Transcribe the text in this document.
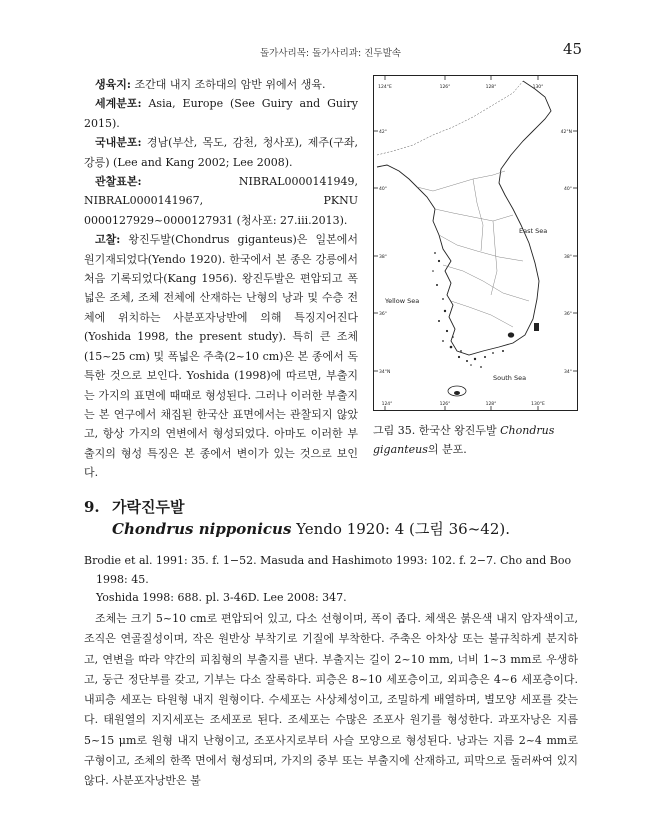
돌가사리목: 돌가사리과: 진두발속	45

생육지: 조간대 내지 조하대의 암반 위에서 생육.

세계분포: Asia, Europe (See Guiry and Guiry 2015).

국내분포: 경남(부산, 목도, 감천, 청사포), 제주(구좌, 강릉) (Lee and Kang 2002; Lee 2008).

관찰표본: NIBRAL0000141949, NIBRAL0000141967, PKNU 0000127929~0000127931 (청사포: 27.iii.2013).

고찰: 왕진두발(Chondrus giganteus)은 일본에서 원기재되었다(Yendo 1920). 한국에서 본 종은 강릉에서 처음 기록되었다(Kang 1956). 왕진두발은 편압되고 폭넓은 조체, 조체 전체에 산재하는 난형의 낭과 및 수층 전체에 위치하는 사분포자낭반에 의해 특징지어진다(Yoshida 1998, the present study). 특히 큰 조체(15~25 cm) 및 폭넓은 주축(2~10 cm)은 본 종에서 독특한 것으로 보인다. Yoshida (1998)에 따르면, 부출지는 가지의 표면에 때때로 형성된다. 그러나 이러한 부출지는 본 연구에서 채집된 한국산 표면에서는 관찰되지 않았고, 항상 가지의 연변에서 형성되었다. 아마도 이러한 부출지의 형성 특징은 본 종에서 변이가 있는 것으로 보인다.

124°E	126°	128°	130°
124°	126°	128°	130°E
42°
40°
38°
36°
34°N
42°N
40°
38°
36°
34°
East Sea
Yellow Sea
South Sea
그림 35. 한국산 왕진두발 Chondrus giganteus의 분포.
9. 가락진두발
Chondrus nipponicus Yendo 1920: 4 (그림 36~42).

Brodie et al. 1991: 35. f. 1−52. Masuda and Hashimoto 1993: 102. f. 2−7. Cho and Boo 1998: 45.
Yoshida 1998: 688. pl. 3-46D. Lee 2008: 347.

조체는 크기 5~10 cm로 편압되어 있고, 다소 선형이며, 폭이 좁다. 체색은 붉은색 내지 암자색이고, 조직은 연골질성이며, 작은 원반상 부착기로 기질에 부착한다. 주축은 아차상 또는 불규칙하게 분지하고, 연변을 따라 약간의 피침형의 부출지를 낸다. 부출지는 길이 2~10 mm, 너비 1~3 mm로 우생하고, 둥근 정단부를 갖고, 기부는 다소 잘록하다. 피층은 8~10 세포층이고, 외피층은 4~6 세포층이다. 내피층 세포는 타원형 내지 원형이다. 수세포는 사상체성이고, 조밀하게 배열하며, 별모양 세포를 갖는다. 태원열의 지지세포는 조세포로 된다. 조세포는 수많은 조포사 원기를 형성한다. 과포자낭은 지름 5~15 μm로 원형 내지 난형이고, 조포사지로부터 사슬 모양으로 형성된다. 낭과는 지름 2~4 mm로 구형이고, 조체의 한쪽 면에서 형성되며, 가지의 중부 또는 부출지에 산재하고, 피막으로 둘러싸여 있지 않다. 사분포자낭반은 불
